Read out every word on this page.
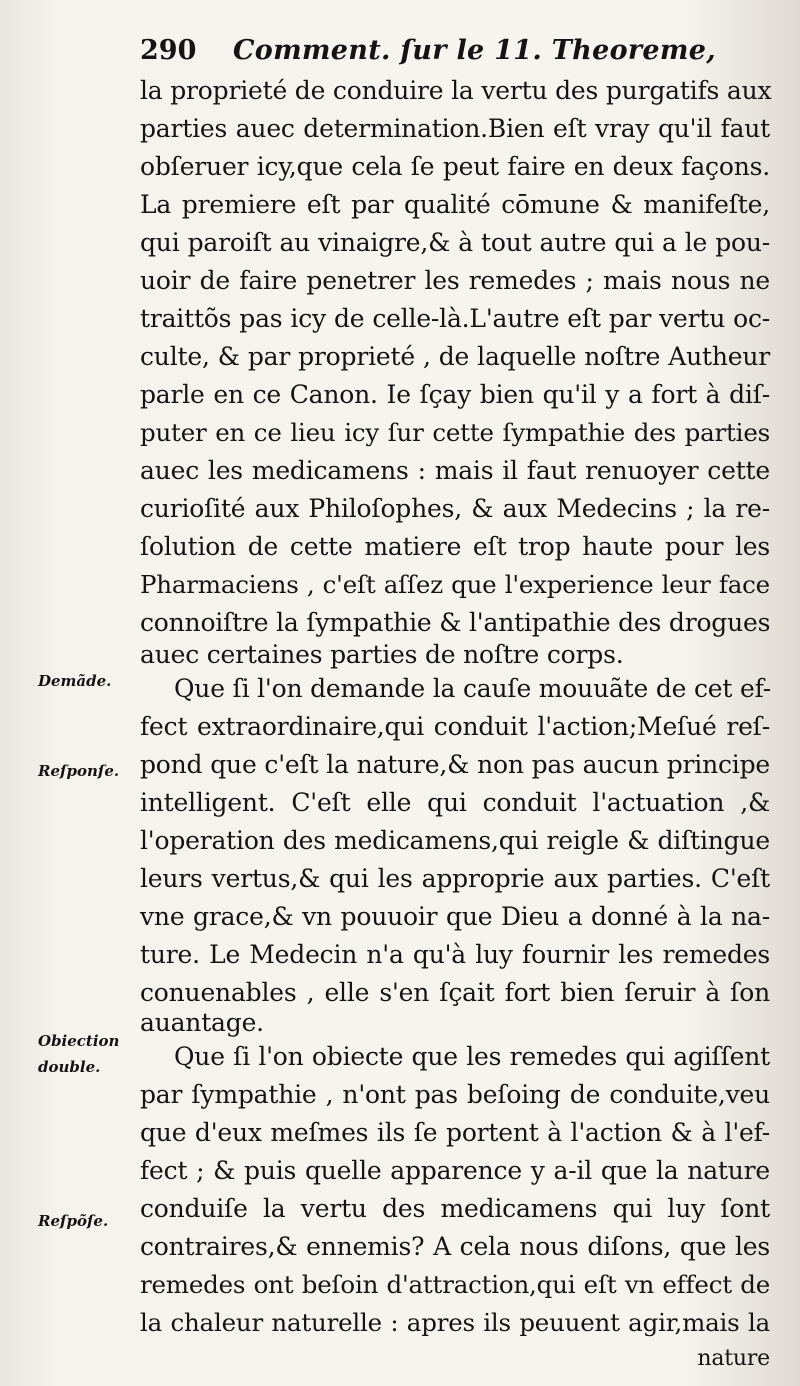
290 Comment. ſur le 11. Theoreme,
la proprieté de conduire la vertu des purgatifs aux
parties auec determination.Bien eſt vray qu'il faut
obſeruer icy,que cela ſe peut faire en deux façons.
La premiere eſt par qualité cōmune & manifeſte,
qui paroiſt au vinaigre,& à tout autre qui a le pou-
uoir de faire penetrer les remedes ; mais nous ne
traittõs pas icy de celle-là.L'autre eſt par vertu oc-
culte, & par proprieté , de laquelle noſtre Autheur
parle en ce Canon. Ie ſçay bien qu'il y a fort à diſ-
puter en ce lieu icy ſur cette ſympathie des parties
auec les medicamens : mais il faut renuoyer cette
curioſité aux Philoſophes, & aux Medecins ; la re-
ſolution de cette matiere eſt trop haute pour les
Pharmaciens , c'eſt aſſez que l'experience leur face
connoiſtre la ſympathie & l'antipathie des drogues
auec certaines parties de noſtre corps.
Que ſi l'on demande la cauſe mouuãte de cet ef-
fect extraordinaire,qui conduit l'action;Meſué reſ-
pond que c'eſt la nature,& non pas aucun principe
intelligent. C'eſt elle qui conduit l'actuation ,&
l'operation des medicamens,qui reigle & diſtingue
leurs vertus,& qui les approprie aux parties. C'eſt
vne grace,& vn pouuoir que Dieu a donné à la na-
ture. Le Medecin n'a qu'à luy fournir les remedes
conuenables , elle s'en ſçait fort bien ſeruir à ſon
auantage.
Que ſi l'on obiecte que les remedes qui agiſſent
par ſympathie , n'ont pas beſoing de conduite,veu
que d'eux meſmes ils ſe portent à l'action & à l'ef-
fect ; & puis quelle apparence y a-il que la nature
conduiſe la vertu des medicamens qui luy ſont
contraires,& ennemis? A cela nous diſons, que les
remedes ont beſoin d'attraction,qui eſt vn effect de
la chaleur naturelle : apres ils peuuent agir,mais la
nature
Demãde.
Reſponſe.
Obiection
double.
Reſpõſe.
